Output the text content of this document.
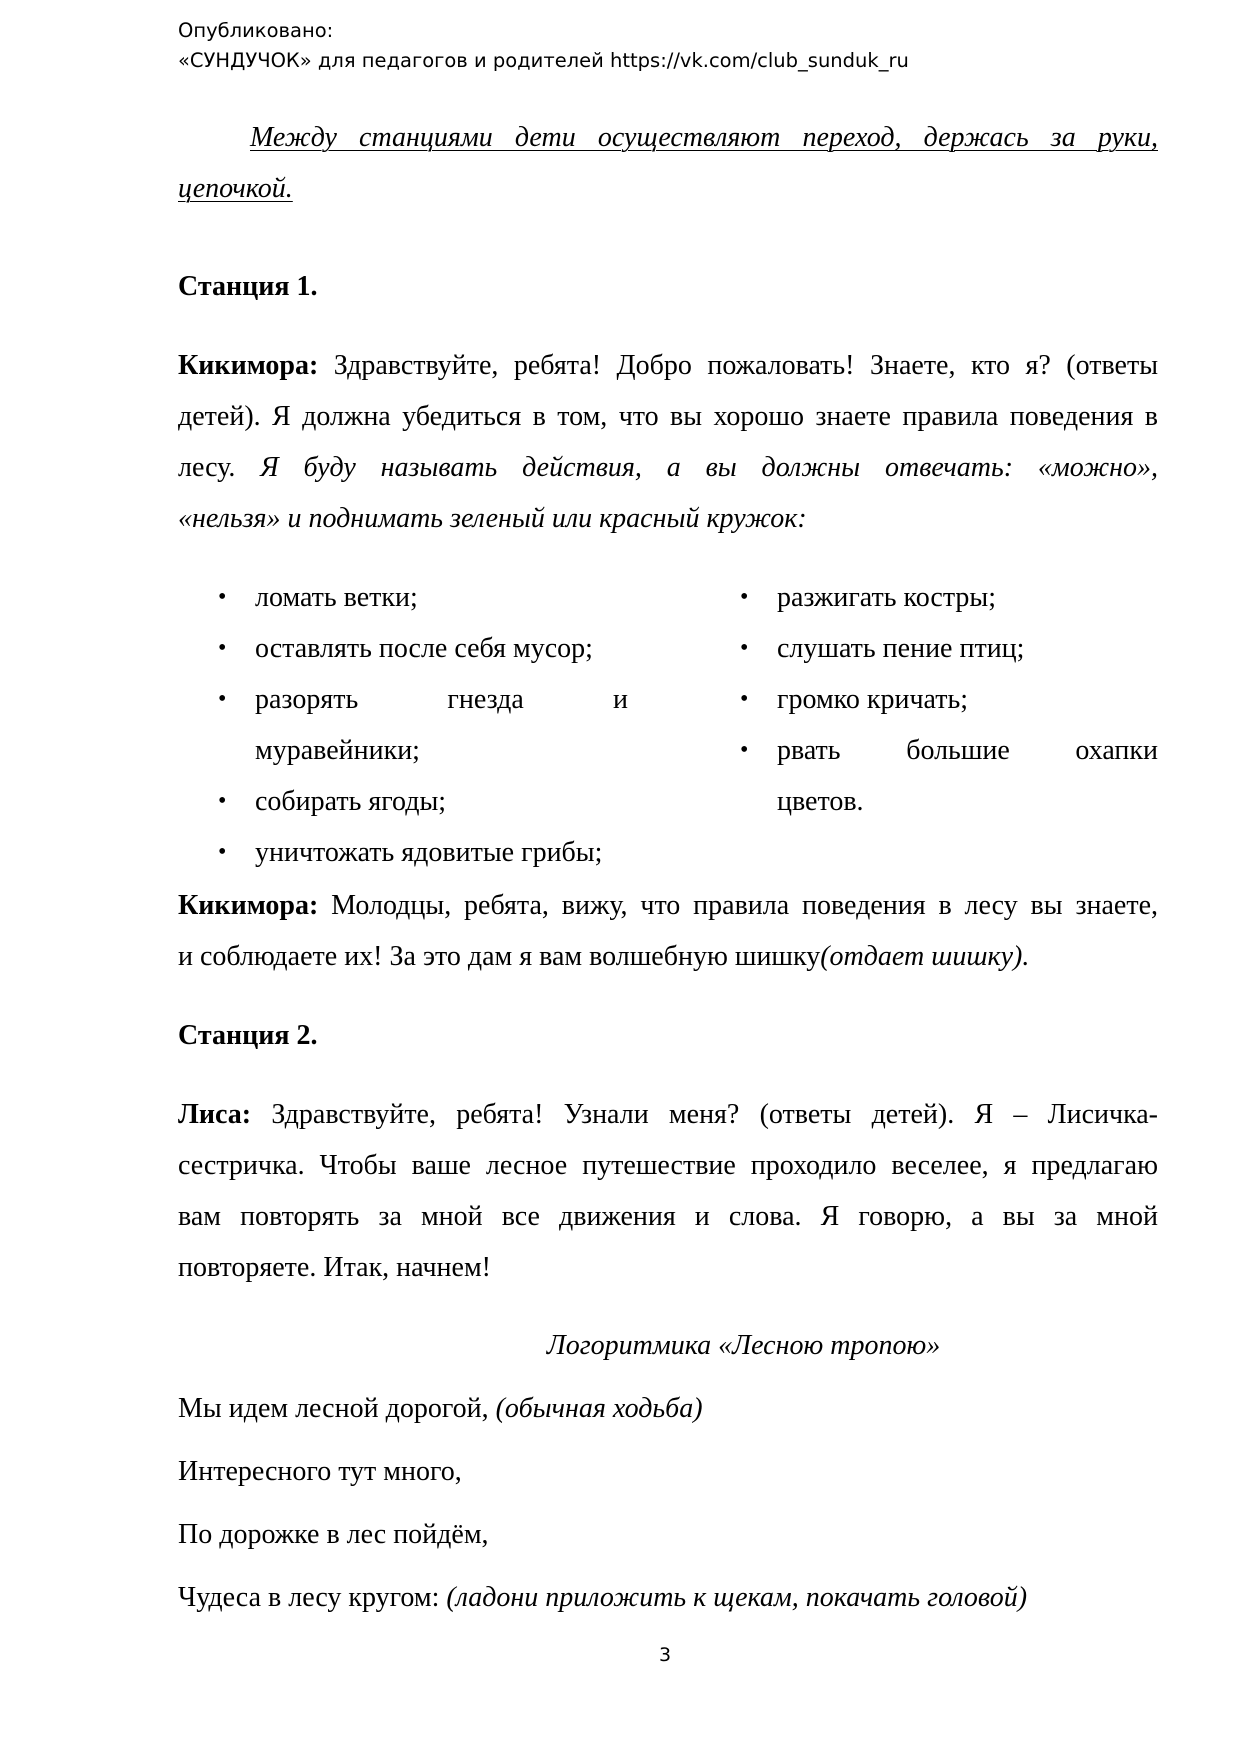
Опубликовано:
«СУНДУЧОК» для педагогов и родителей https://vk.com/club_sunduk_ru
Между станциями дети осуществляют переход, держась за руки,
цепочкой.
Станция 1.
Кикимора: Здравствуйте, ребята! Добро пожаловать! Знаете, кто я? (ответы
детей). Я должна убедиться в том, что вы хорошо знаете правила поведения в
лесу. Я буду называть действия, а вы должны отвечать: «можно»,
«нельзя» и поднимать зеленый или красный кружок:
• ломать ветки;
• оставлять после себя мусор;
• разорять гнезда и
муравейники;
• собирать ягоды;
• уничтожать ядовитые грибы;
• разжигать костры;
• слушать пение птиц;
• громко кричать;
• рвать большие охапки
цветов.
Кикимора: Молодцы, ребята, вижу, что правила поведения в лесу вы знаете,
и соблюдаете их! За это дам я вам волшебную шишку(отдает шишку).
Станция 2.
Лиса: Здравствуйте, ребята! Узнали меня? (ответы детей). Я – Лисичка-
сестричка. Чтобы ваше лесное путешествие проходило веселее, я предлагаю
вам повторять за мной все движения и слова. Я говорю, а вы за мной
повторяете. Итак, начнем!
Логоритмика «Лесною тропою»
Мы идем лесной дорогой, (обычная ходьба)
Интересного тут много,
По дорожке в лес пойдём,
Чудеса в лесу кругом: (ладони приложить к щекам, покачать головой)
3
